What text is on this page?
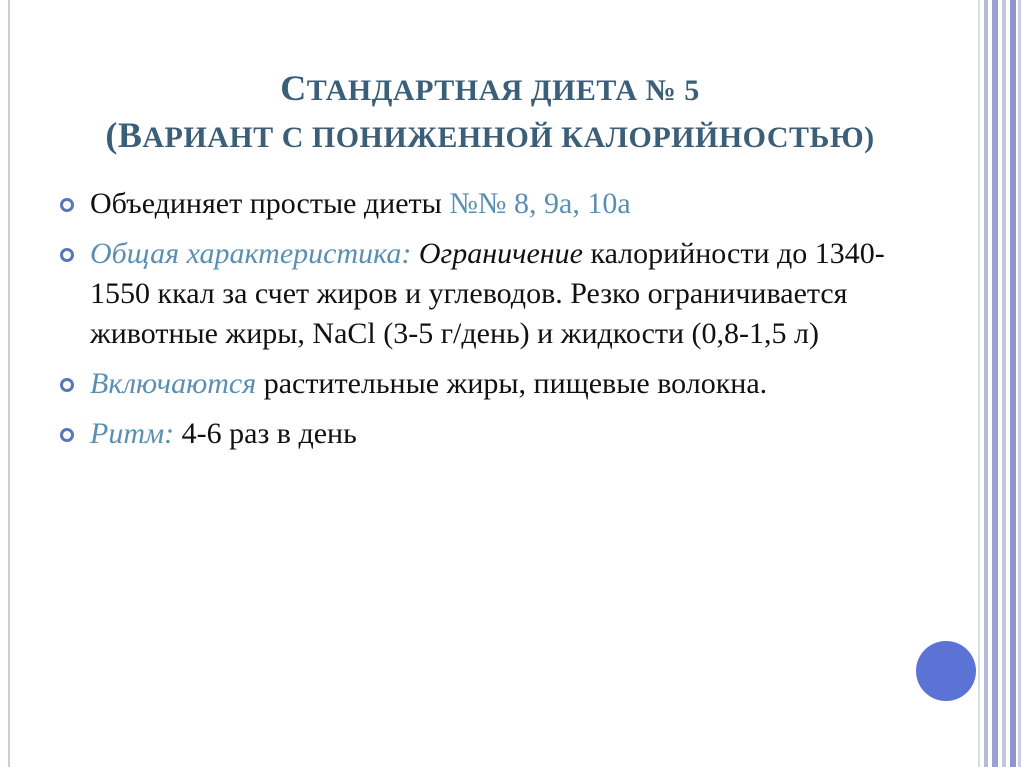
СТАНДАРТНАЯ ДИЕТА № 5
(ВАРИАНТ С ПОНИЖЕННОЙ КАЛОРИЙНОСТЬЮ)
Объединяет простые диеты №№ 8, 9а, 10а
Общая характеристика: Ограничение калорийности до 1340-1550 ккал за счет жиров и углеводов. Резко ограничивается животные жиры, NaCl (3-5 г/день) и жидкости (0,8-1,5 л)
Включаются растительные жиры, пищевые волокна.
Ритм: 4-6 раз в день
